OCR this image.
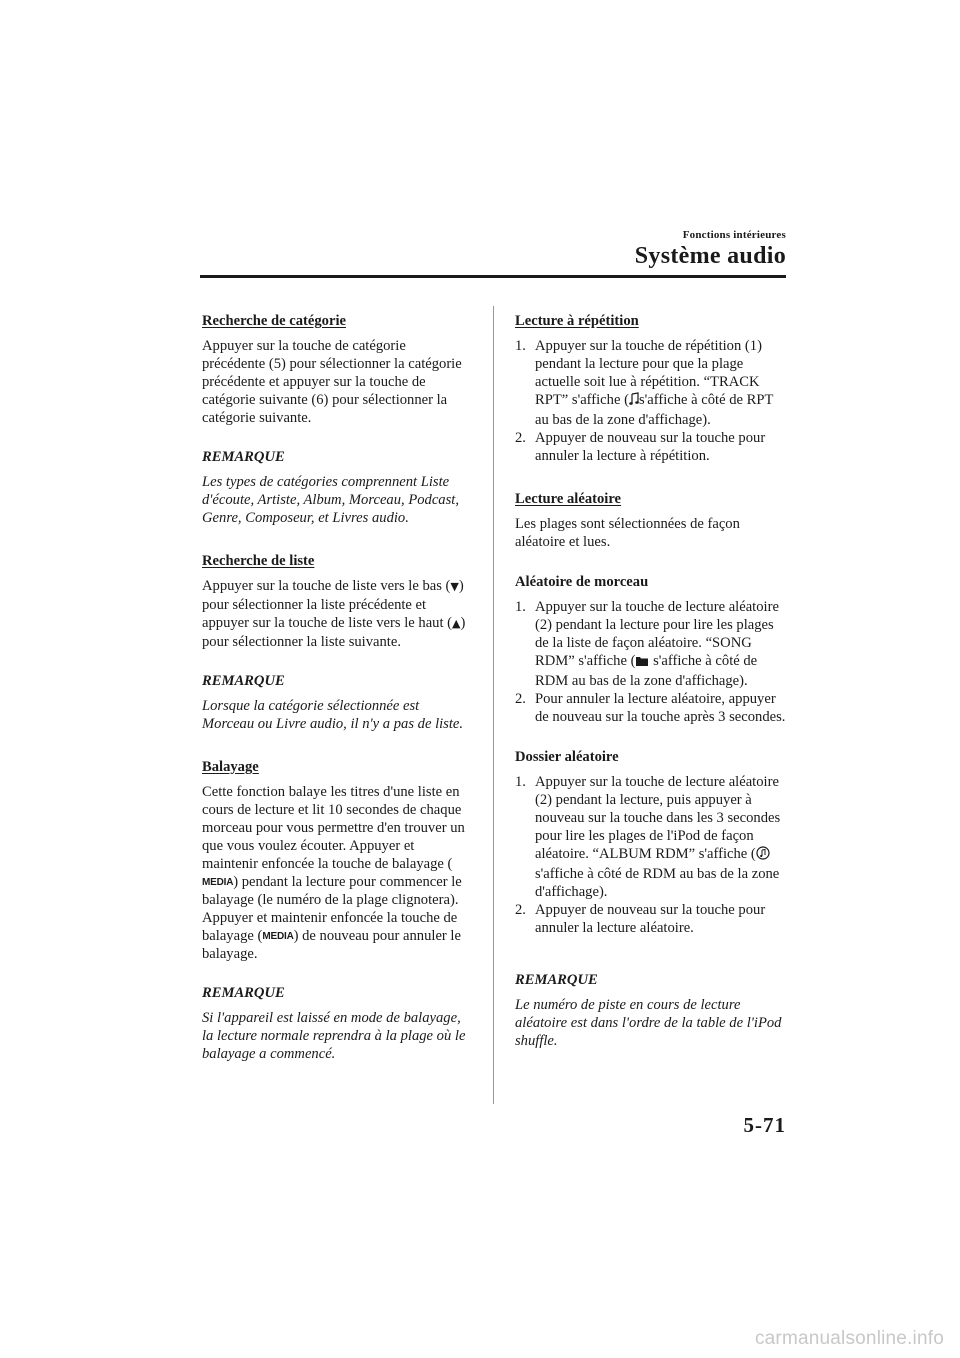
Fonctions intérieures
Système audio
Recherche de catégorie

Appuyer sur la touche de catégorie précédente (5) pour sélectionner la catégorie précédente et appuyer sur la touche de catégorie suivante (6) pour sélectionner la catégorie suivante.

REMARQUE

Les types de catégories comprennent Liste d'écoute, Artiste, Album, Morceau, Podcast, Genre, Composeur, et Livres audio.

Recherche de liste

Appuyer sur la touche de liste vers le bas (▼) pour sélectionner la liste précédente et appuyer sur la touche de liste vers le haut (▲) pour sélectionner la liste suivante.

REMARQUE

Lorsque la catégorie sélectionnée est Morceau ou Livre audio, il n'y a pas de liste.

Balayage

Cette fonction balaye les titres d'une liste en cours de lecture et lit 10 secondes de chaque morceau pour vous permettre d'en trouver un que vous voulez écouter. Appuyer et maintenir enfoncée la touche de balayage (MEDIA) pendant la lecture pour commencer le balayage (le numéro de la plage clignotera). Appuyer et maintenir enfoncée la touche de balayage (MEDIA) de nouveau pour annuler le balayage.

REMARQUE

Si l'appareil est laissé en mode de balayage, la lecture normale reprendra à la plage où le balayage a commencé.

Lecture à répétition
1. Appuyer sur la touche de répétition (1) pendant la lecture pour que la plage actuelle soit lue à répétition. “TRACK RPT” s'affiche ( s'affiche à côté de RPT au bas de la zone d'affichage).
2. Appuyer de nouveau sur la touche pour annuler la lecture à répétition.
Lecture aléatoire

Les plages sont sélectionnées de façon aléatoire et lues.

Aléatoire de morceau
1. Appuyer sur la touche de lecture aléatoire (2) pendant la lecture pour lire les plages de la liste de façon aléatoire. “SONG RDM” s'affiche ( s'affiche à côté de RDM au bas de la zone d'affichage).
2. Pour annuler la lecture aléatoire, appuyer de nouveau sur la touche après 3 secondes.
Dossier aléatoire
1. Appuyer sur la touche de lecture aléatoire (2) pendant la lecture, puis appuyer à nouveau sur la touche dans les 3 secondes pour lire les plages de l'iPod de façon aléatoire. “ALBUM RDM” s'affiche ( s'affiche à côté de RDM au bas de la zone d'affichage).
2. Appuyer de nouveau sur la touche pour annuler la lecture aléatoire.
REMARQUE

Le numéro de piste en cours de lecture aléatoire est dans l'ordre de la table de l'iPod shuffle.

5-71
carmanualsonline.info
